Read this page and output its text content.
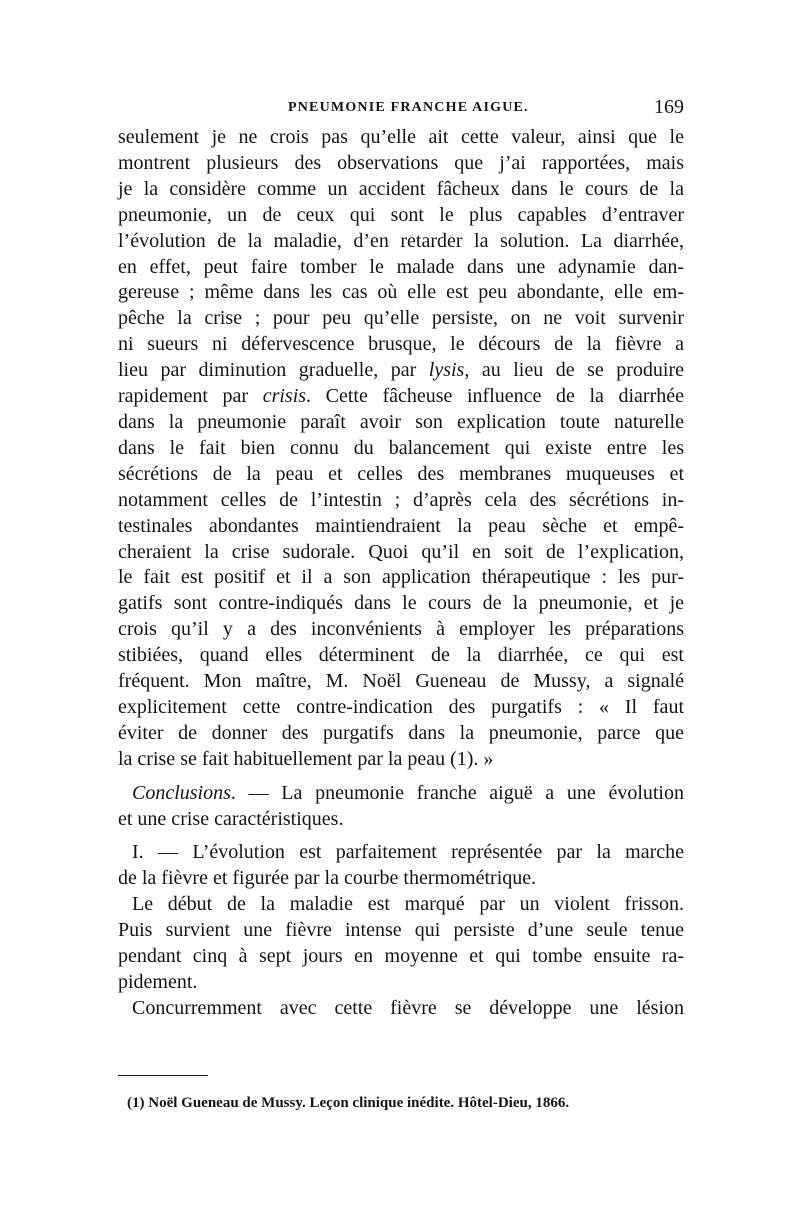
PNEUMONIE FRANCHE AIGUE.	169

seulement je ne crois pas qu’elle ait cette valeur, ainsi que le
montrent plusieurs des observations que j’ai rapportées, mais
je la considère comme un accident fâcheux dans le cours de la
pneumonie, un de ceux qui sont le plus capables d’entraver
l’évolution de la maladie, d’en retarder la solution. La diarrhée,
en effet, peut faire tomber le malade dans une adynamie dan-
gereuse ; même dans les cas où elle est peu abondante, elle em-
pêche la crise ; pour peu qu’elle persiste, on ne voit survenir
ni sueurs ni défervescence brusque, le décours de la fièvre a
lieu par diminution graduelle, par lysis, au lieu de se produire
rapidement par crisis. Cette fâcheuse influence de la diarrhée
dans la pneumonie paraît avoir son explication toute naturelle
dans le fait bien connu du balancement qui existe entre les
sécrétions de la peau et celles des membranes muqueuses et
notamment celles de l’intestin ; d’après cela des sécrétions in-
testinales abondantes maintiendraient la peau sèche et empê-
cheraient la crise sudorale. Quoi qu’il en soit de l’explication,
le fait est positif et il a son application thérapeutique : les pur-
gatifs sont contre-indiqués dans le cours de la pneumonie, et je
crois qu’il y a des inconvénients à employer les préparations
stibiées, quand elles déterminent de la diarrhée, ce qui est
fréquent. Mon maître, M. Noël Gueneau de Mussy, a signalé
explicitement cette contre-indication des purgatifs : « Il faut
éviter de donner des purgatifs dans la pneumonie, parce que
la crise se fait habituellement par la peau (1). »

Conclusions. — La pneumonie franche aiguë a une évolution
et une crise caractéristiques.

I. — L’évolution est parfaitement représentée par la marche
de la fièvre et figurée par la courbe thermométrique.

Le début de la maladie est marqué par un violent frisson.
Puis survient une fièvre intense qui persiste d’une seule tenue
pendant cinq à sept jours en moyenne et qui tombe ensuite ra-
pidement.

Concurremment avec cette fièvre se développe une lésion

(1) Noël Gueneau de Mussy. Leçon clinique inédite. Hôtel-Dieu, 1866.
